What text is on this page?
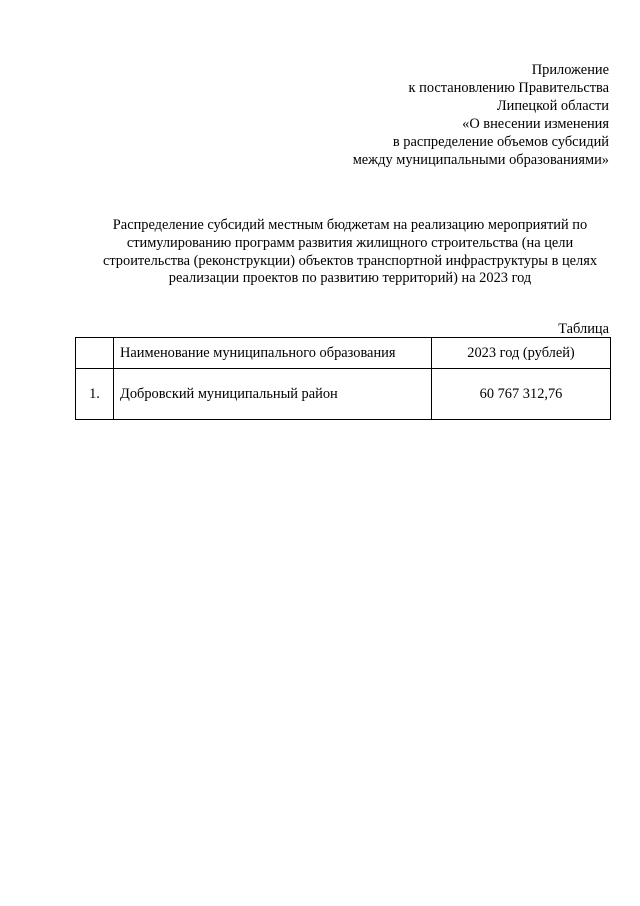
Приложение
к постановлению Правительства
Липецкой области
«О внесении изменения
в распределение объемов субсидий
между муниципальными образованиями»
Распределение субсидий местным бюджетам на реализацию мероприятий по
стимулированию программ развития жилищного строительства (на цели
строительства (реконструкции) объектов транспортной инфраструктуры в целях
реализации проектов по развитию территорий) на 2023 год
Таблица
	Наименование муниципального образования	2023 год (рублей)
1.	Добровский муниципальный район	60 767 312,76
